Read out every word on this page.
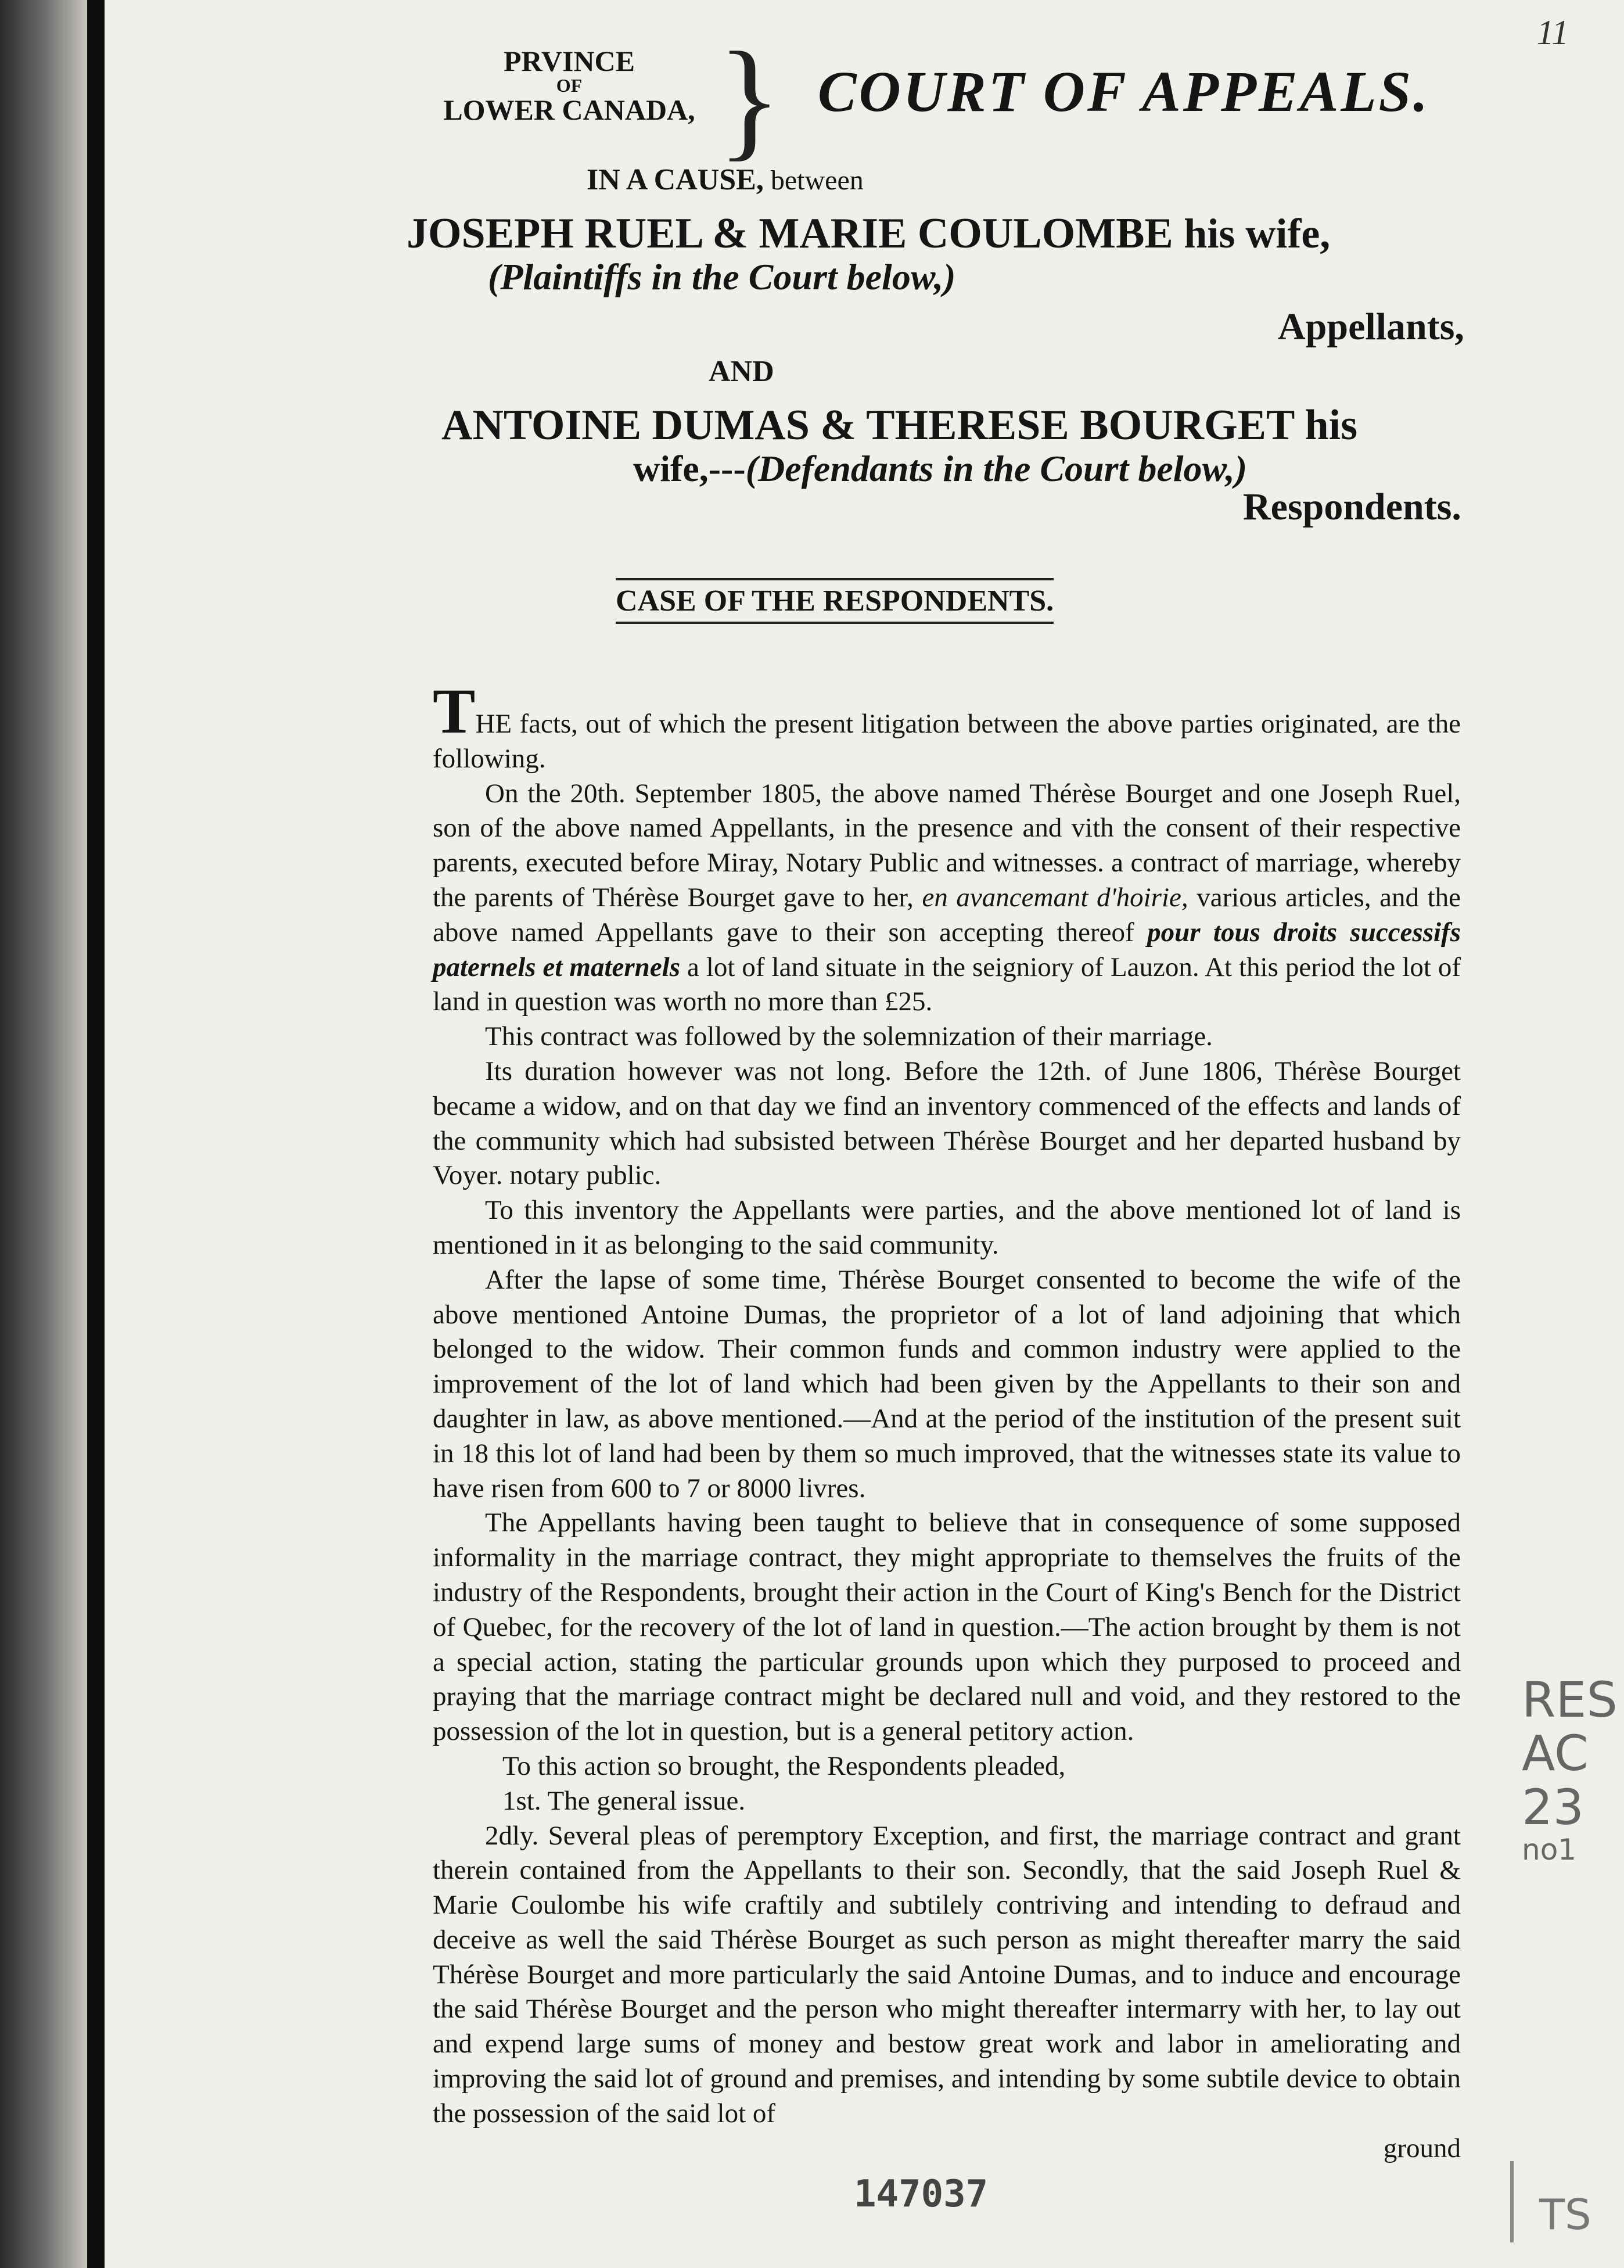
11
PRVINCE
OF
LOWER CANADA, } COURT OF APPEALS.
IN A CAUSE, between
JOSEPH RUEL & MARIE COULOMBE his wife,
(Plaintiffs in the Court below,)
Appellants,
AND
ANTOINE DUMAS & THERESE BOURGET his
wife,---(Defendants in the Court below,)
Respondents.
CASE OF THE RESPONDENTS.

THE facts, out of which the present litigation between the above parties originated, are the following.

On the 20th. September 1805, the above named Thérèse Bourget and one Joseph Ruel, son of the above named Appellants, in the presence and vith the consent of their respective parents, executed before Miray, Notary Public and witnesses. a contract of marriage, whereby the parents of Thérèse Bourget gave to her, en avancemant d'hoirie, various articles, and the above named Appellants gave to their son accepting thereof pour tous droits successifs paternels et maternels a lot of land situate in the seigniory of Lauzon. At this period the lot of land in question was worth no more than £25.

This contract was followed by the solemnization of their marriage.

Its duration however was not long. Before the 12th. of June 1806, Thérèse Bourget became a widow, and on that day we find an inventory commenced of the effects and lands of the community which had subsisted between Thérèse Bourget and her departed husband by Voyer. notary public.

To this inventory the Appellants were parties, and the above mentioned lot of land is mentioned in it as belonging to the said community.

After the lapse of some time, Thérèse Bourget consented to become the wife of the above mentioned Antoine Dumas, the proprietor of a lot of land adjoining that which belonged to the widow. Their common funds and common industry were applied to the improvement of the lot of land which had been given by the Appellants to their son and daughter in law, as above mentioned.—And at the period of the institution of the present suit in 18 this lot of land had been by them so much improved, that the witnesses state its value to have risen from 600 to 7 or 8000 livres.

The Appellants having been taught to believe that in consequence of some supposed informality in the marriage contract, they might appropriate to themselves the fruits of the industry of the Respondents, brought their action in the Court of King's Bench for the District of Quebec, for the recovery of the lot of land in question.—The action brought by them is not a special action, stating the particular grounds upon which they purposed to proceed and praying that the marriage contract might be declared null and void, and they restored to the possession of the lot in question, but is a general petitory action.

To this action so brought, the Respondents pleaded,

1st. The general issue.

2dly. Several pleas of peremptory Exception, and first, the marriage contract and grant therein contained from the Appellants to their son. Secondly, that the said Joseph Ruel & Marie Coulombe his wife craftily and subtilely contriving and intending to defraud and deceive as well the said Thérèse Bourget as such person as might thereafter marry the said Thérèse Bourget and more particularly the said Antoine Dumas, and to induce and encourage the said Thérèse Bourget and the person who might thereafter intermarry with her, to lay out and expend large sums of money and bestow great work and labor in ameliorating and improving the said lot of ground and premises, and intending by some subtile device to obtain the possession of the said lot of

ground

147037
RES
AC
23
no1
TS
